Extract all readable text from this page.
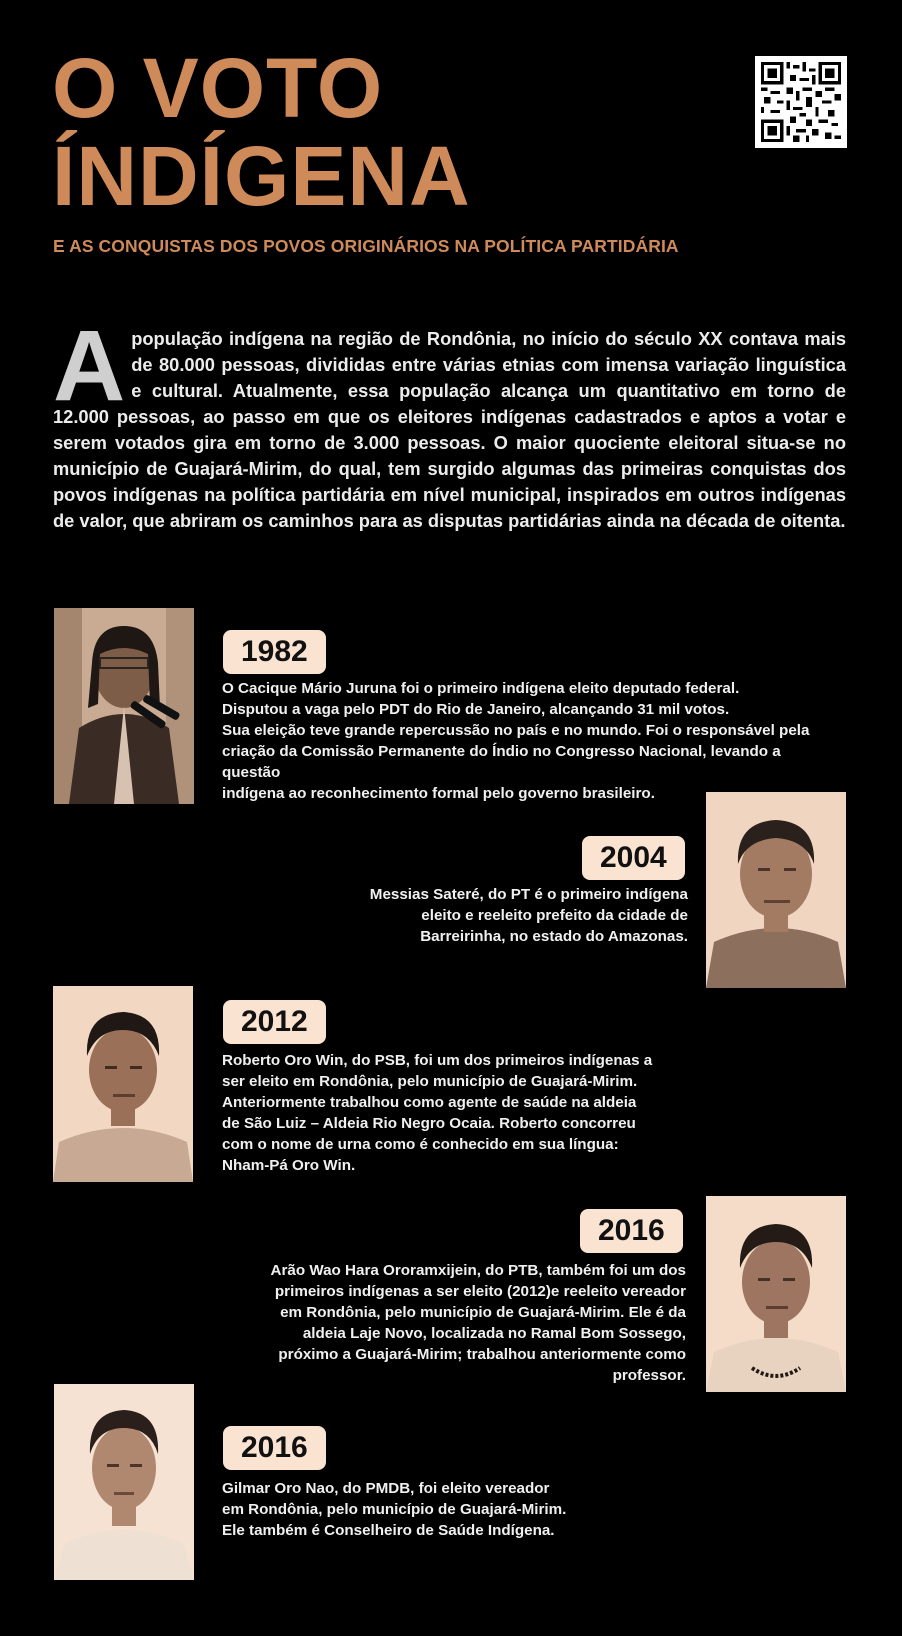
O VOTO
ÍNDÍGENA
E AS CONQUISTAS DOS POVOS ORIGINÁRIOS NA POLÍTICA PARTIDÁRIA

A população indígena na região de Rondônia, no início do século XX contava mais de 80.000 pessoas, divididas entre várias etnias com imensa variação linguística e cultural. Atualmente, essa população alcança um quantitativo em torno de 12.000 pessoas, ao passo em que os eleitores indígenas cadastrados e aptos a votar e serem votados gira em torno de 3.000 pessoas. O maior quociente eleitoral situa-se no município de Guajará-Mirim, do qual, tem surgido algumas das primeiras conquistas dos povos indígenas na política partidária em nível municipal, inspirados em outros indígenas de valor, que abriram os caminhos para as disputas partidárias ainda na década de oitenta.

1982
O Cacique Mário Juruna foi o primeiro indígena eleito deputado federal.
Disputou a vaga pelo PDT do Rio de Janeiro, alcançando 31 mil votos.
Sua eleição teve grande repercussão no país e no mundo. Foi o responsável pela
criação da Comissão Permanente do Índio no Congresso Nacional, levando a questão
indígena ao reconhecimento formal pelo governo brasileiro.
2004
Messias Sateré, do PT é o primeiro indígena
eleito e reeleito prefeito da cidade de
Barreirinha, no estado do Amazonas.
2012
Roberto Oro Win, do PSB, foi um dos primeiros indígenas a
ser eleito em Rondônia, pelo município de Guajará-Mirim.
Anteriormente trabalhou como agente de saúde na aldeia
de São Luiz – Aldeia Rio Negro Ocaia. Roberto concorreu
com o nome de urna como é conhecido em sua língua:
Nham-Pá Oro Win.
2016
Arão Wao Hara Ororamxijein, do PTB, também foi um dos
primeiros indígenas a ser eleito (2012)e reeleito vereador
em Rondônia, pelo município de Guajará-Mirim. Ele é da
aldeia Laje Novo, localizada no Ramal Bom Sossego,
próximo a Guajará-Mirim; trabalhou anteriormente como
professor.
2016
Gilmar Oro Nao, do PMDB, foi eleito vereador
em Rondônia, pelo município de Guajará-Mirim.
Ele também é Conselheiro de Saúde Indígena.
